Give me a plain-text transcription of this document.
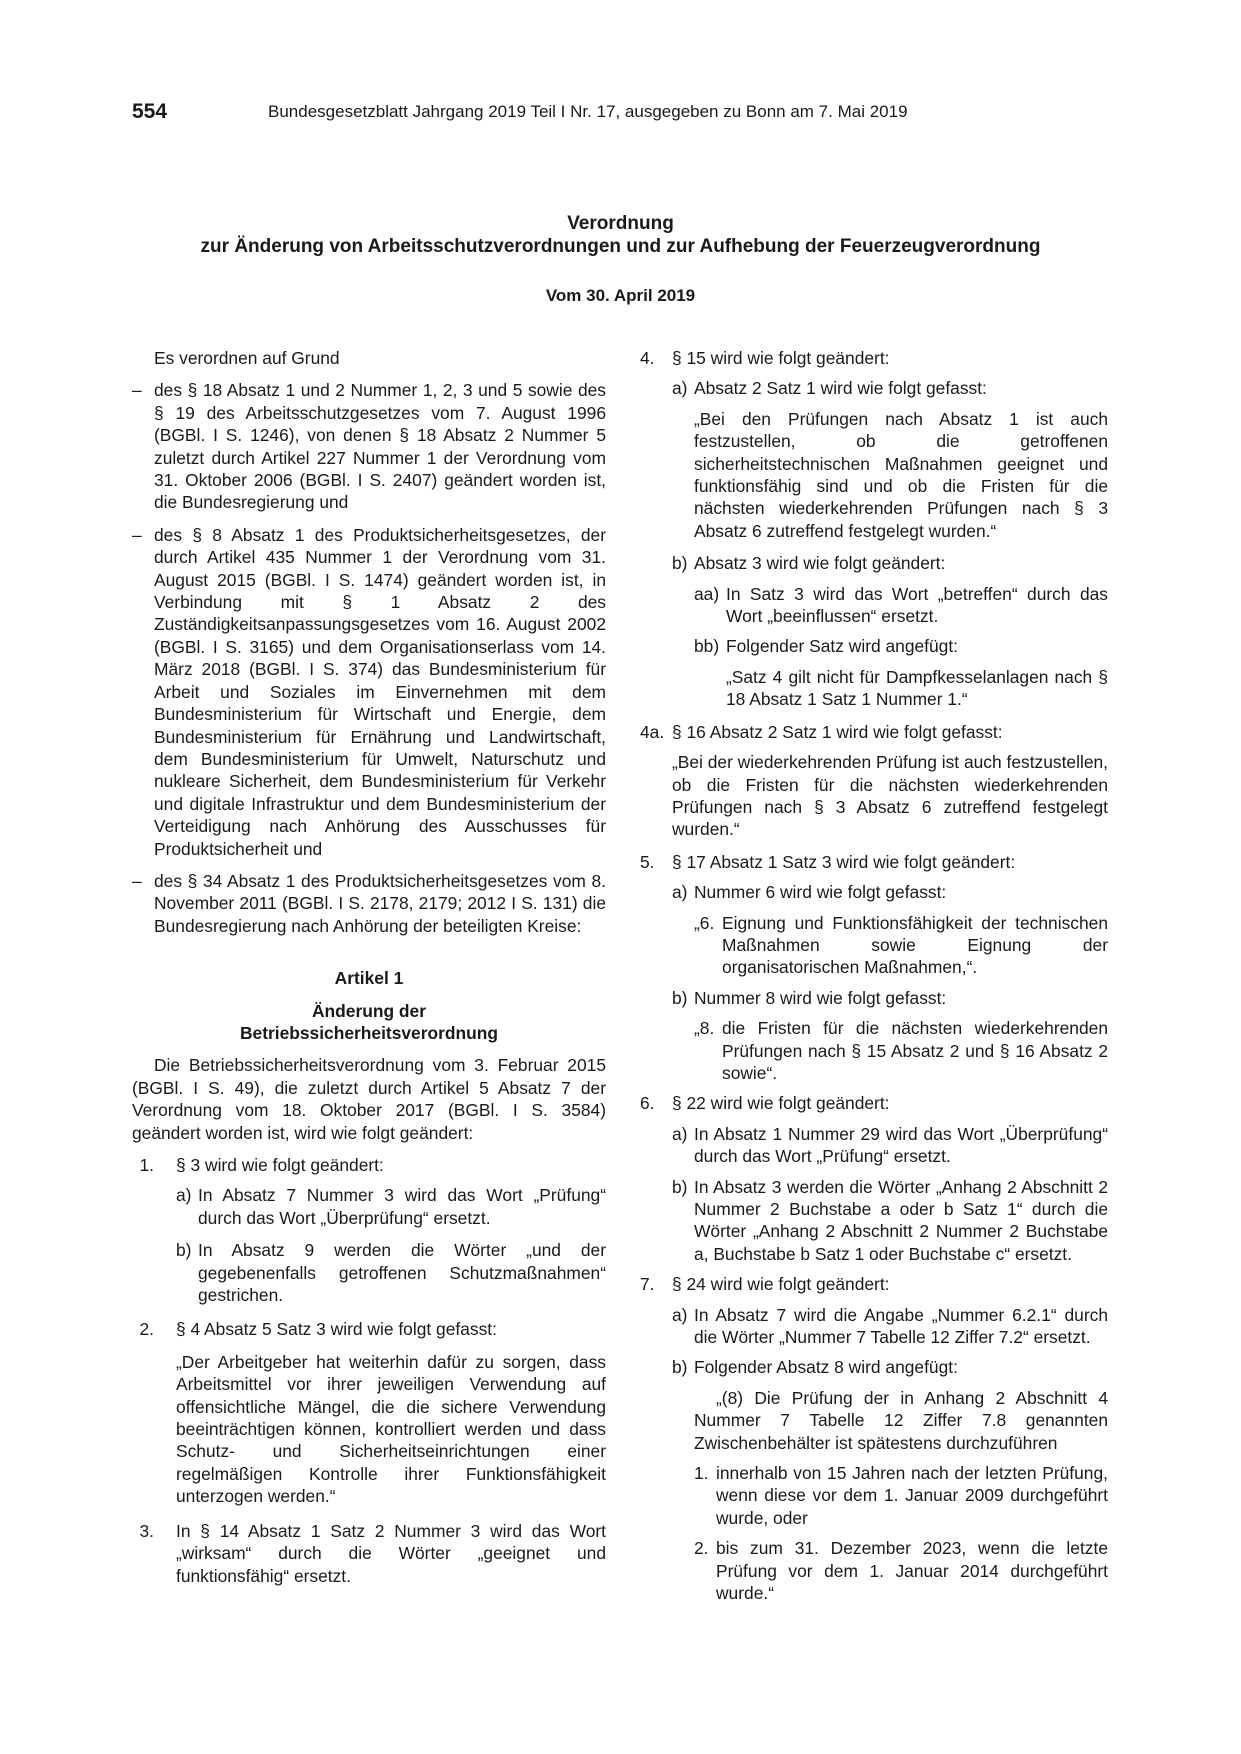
554	Bundesgesetzblatt Jahrgang 2019 Teil I Nr. 17, ausgegeben zu Bonn am 7. Mai 2019
Verordnung
zur Änderung von Arbeitsschutzverordnungen und zur Aufhebung der Feuerzeugverordnung
Vom 30. April 2019

Es verordnen auf Grund

– des § 18 Absatz 1 und 2 Nummer 1, 2, 3 und 5 sowie des § 19 des Arbeitsschutzgesetzes vom 7. August 1996 (BGBl. I S. 1246), von denen § 18 Absatz 2 Nummer 5 zuletzt durch Artikel 227 Nummer 1 der Verordnung vom 31. Oktober 2006 (BGBl. I S. 2407) geändert worden ist, die Bundesregierung und
– des § 8 Absatz 1 des Produktsicherheitsgesetzes, der durch Artikel 435 Nummer 1 der Verordnung vom 31. August 2015 (BGBl. I S. 1474) geändert worden ist, in Verbindung mit § 1 Absatz 2 des Zuständigkeitsanpassungsgesetzes vom 16. August 2002 (BGBl. I S. 3165) und dem Organisationserlass vom 14. März 2018 (BGBl. I S. 374) das Bundesministerium für Arbeit und Soziales im Einvernehmen mit dem Bundesministerium für Wirtschaft und Energie, dem Bundesministerium für Ernährung und Landwirtschaft, dem Bundesministerium für Umwelt, Naturschutz und nukleare Sicherheit, dem Bundesministerium für Verkehr und digitale Infrastruktur und dem Bundesministerium der Verteidigung nach Anhörung des Ausschusses für Produktsicherheit und
– des § 34 Absatz 1 des Produktsicherheitsgesetzes vom 8. November 2011 (BGBl. I S. 2178, 2179; 2012 I S. 131) die Bundesregierung nach Anhörung der beteiligten Kreise:

Artikel 1

Änderung der

Betriebssicherheitsverordnung

Die Betriebssicherheitsverordnung vom 3. Februar 2015 (BGBl. I S. 49), die zuletzt durch Artikel 5 Absatz 7 der Verordnung vom 18. Oktober 2017 (BGBl. I S. 3584) geändert worden ist, wird wie folgt geändert:

1.	§ 3 wird wie folgt geändert:
a) In Absatz 7 Nummer 3 wird das Wort „Prüfung“ durch das Wort „Überprüfung“ ersetzt.
b) In Absatz 9 werden die Wörter „und der gegebenenfalls getroffenen Schutzmaßnahmen“ gestrichen.
2.	§ 4 Absatz 5 Satz 3 wird wie folgt gefasst:

„Der Arbeitgeber hat weiterhin dafür zu sorgen, dass Arbeitsmittel vor ihrer jeweiligen Verwendung auf offensichtliche Mängel, die die sichere Verwendung beeinträchtigen können, kontrolliert werden und dass Schutz- und Sicherheitseinrichtungen einer regelmäßigen Kontrolle ihrer Funktionsfähigkeit unterzogen werden.“

3.	In § 14 Absatz 1 Satz 2 Nummer 3 wird das Wort „wirksam“ durch die Wörter „geeignet und funktionsfähig“ ersetzt.
4.	§ 15 wird wie folgt geändert:
a) Absatz 2 Satz 1 wird wie folgt gefasst:

„Bei den Prüfungen nach Absatz 1 ist auch festzustellen, ob die getroffenen sicherheitstechnischen Maßnahmen geeignet und funktionsfähig sind und ob die Fristen für die nächsten wiederkehrenden Prüfungen nach § 3 Absatz 6 zutreffend festgelegt wurden.“

b) Absatz 3 wird wie folgt geändert:
aa) In Satz 3 wird das Wort „betreffen“ durch das Wort „beeinflussen“ ersetzt.
bb) Folgender Satz wird angefügt:

„Satz 4 gilt nicht für Dampfkesselanlagen nach § 18 Absatz 1 Satz 1 Nummer 1.“

4a. § 16 Absatz 2 Satz 1 wird wie folgt gefasst:

„Bei der wiederkehrenden Prüfung ist auch festzustellen, ob die Fristen für die nächsten wiederkehrenden Prüfungen nach § 3 Absatz 6 zutreffend festgelegt wurden.“

5.	§ 17 Absatz 1 Satz 3 wird wie folgt geändert:
a) Nummer 6 wird wie folgt gefasst:
„6. Eignung und Funktionsfähigkeit der technischen Maßnahmen sowie Eignung der organisatorischen Maßnahmen,“.
b) Nummer 8 wird wie folgt gefasst:
„8. die Fristen für die nächsten wiederkehrenden Prüfungen nach § 15 Absatz 2 und § 16 Absatz 2 sowie“.
6.	§ 22 wird wie folgt geändert:
a) In Absatz 1 Nummer 29 wird das Wort „Überprüfung“ durch das Wort „Prüfung“ ersetzt.
b) In Absatz 3 werden die Wörter „Anhang 2 Abschnitt 2 Nummer 2 Buchstabe a oder b Satz 1“ durch die Wörter „Anhang 2 Abschnitt 2 Nummer 2 Buchstabe a, Buchstabe b Satz 1 oder Buchstabe c“ ersetzt.
7.	§ 24 wird wie folgt geändert:
a) In Absatz 7 wird die Angabe „Nummer 6.2.1“ durch die Wörter „Nummer 7 Tabelle 12 Ziffer 7.2“ ersetzt.
b) Folgender Absatz 8 wird angefügt:

„(8) Die Prüfung der in Anhang 2 Abschnitt 4 Nummer 7 Tabelle 12 Ziffer 7.8 genannten Zwischenbehälter ist spätestens durchzuführen

1. innerhalb von 15 Jahren nach der letzten Prüfung, wenn diese vor dem 1. Januar 2009 durchgeführt wurde, oder
2. bis zum 31. Dezember 2023, wenn die letzte Prüfung vor dem 1. Januar 2014 durchgeführt wurde.“
